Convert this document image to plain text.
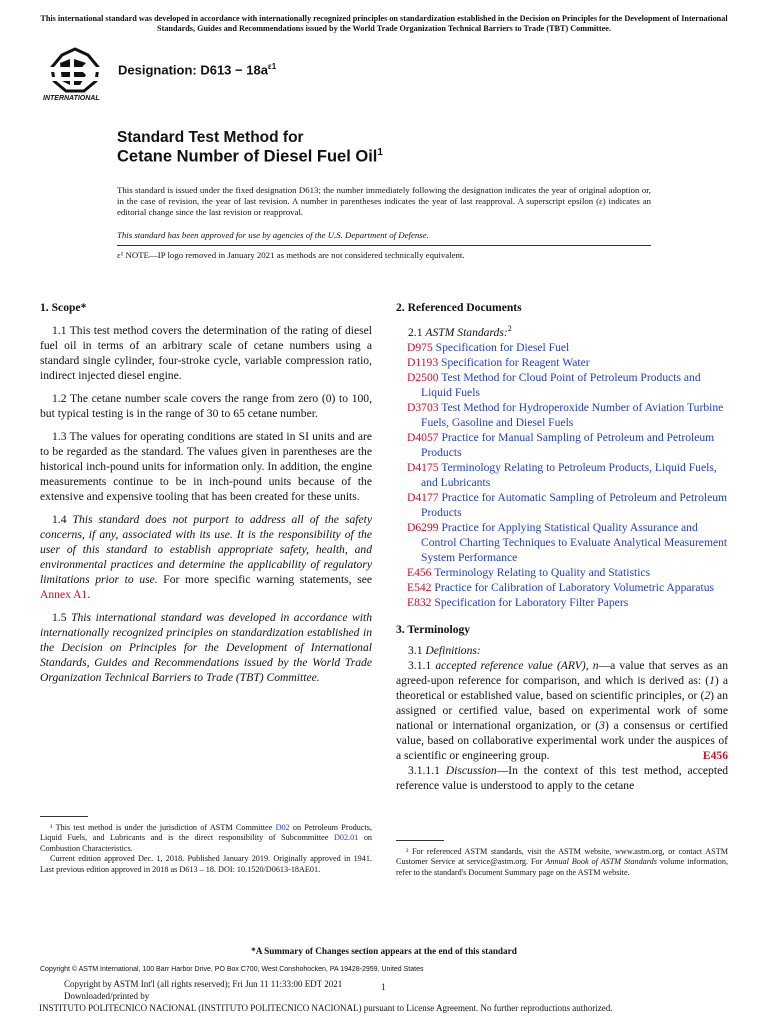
This international standard was developed in accordance with internationally recognized principles on standardization established in the Decision on Principles for the Development of International Standards, Guides and Recommendations issued by the World Trade Organization Technical Barriers to Trade (TBT) Committee.
INTERNATIONAL
Designation: $D613 - 18a^{\varepsilon 1}$
Standard Test Method for
Cetane Number of Diesel Fuel Oil$^1$
This standard is issued under the fixed designation D613; the number immediately following the designation indicates the year of original adoption or, in the case of revision, the year of last revision. A number in parentheses indicates the year of last reapproval. A superscript epsilon (ε) indicates an editorial change since the last revision or reapproval.
This standard has been approved for use by agencies of the U.S. Department of Defense.
ε¹ NOTE—IP logo removed in January 2021 as methods are not considered technically equivalent.
1. Scope*

1.1 This test method covers the determination of the rating of diesel fuel oil in terms of an arbitrary scale of cetane numbers using a standard single cylinder, four-stroke cycle, variable compression ratio, indirect injected diesel engine.

1.2 The cetane number scale covers the range from zero (0) to 100, but typical testing is in the range of 30 to 65 cetane number.

1.3 The values for operating conditions are stated in SI units and are to be regarded as the standard. The values given in parentheses are the historical inch-pound units for information only. In addition, the engine measurements continue to be in inch-pound units because of the extensive and expensive tooling that has been created for these units.

1.4 This standard does not purport to address all of the safety concerns, if any, associated with its use. It is the responsibility of the user of this standard to establish appropriate safety, health, and environmental practices and determine the applicability of regulatory limitations prior to use. For more specific warning statements, see Annex A1.

1.5 This international standard was developed in accordance with internationally recognized principles on standardization established in the Decision on Principles for the Development of International Standards, Guides and Recommendations issued by the World Trade Organization Technical Barriers to Trade (TBT) Committee.

¹ This test method is under the jurisdiction of ASTM Committee D02 on Petroleum Products, Liquid Fuels, and Lubricants and is the direct responsibility of Subcommittee D02.01 on Combustion Characteristics.
Current edition approved Dec. 1, 2018. Published January 2019. Originally approved in 1941. Last previous edition approved in 2018 as D613 – 18. DOI: 10.1520/D0613-18AE01.
2. Referenced Documents
2.1 ASTM Standards:$^2$

D975 Specification for Diesel Fuel

D1193 Specification for Reagent Water

D2500 Test Method for Cloud Point of Petroleum Products and Liquid Fuels

D3703 Test Method for Hydroperoxide Number of Aviation Turbine Fuels, Gasoline and Diesel Fuels

D4057 Practice for Manual Sampling of Petroleum and Petroleum Products

D4175 Terminology Relating to Petroleum Products, Liquid Fuels, and Lubricants

D4177 Practice for Automatic Sampling of Petroleum and Petroleum Products

D6299 Practice for Applying Statistical Quality Assurance and Control Charting Techniques to Evaluate Analytical Measurement System Performance

E456 Terminology Relating to Quality and Statistics

E542 Practice for Calibration of Laboratory Volumetric Apparatus

E832 Specification for Laboratory Filter Papers

3. Terminology
3.1 Definitions:

3.1.1 accepted reference value (ARV), n—a value that serves as an agreed-upon reference for comparison, and which is derived as: (1) a theoretical or established value, based on scientific principles, or (2) an assigned or certified value, based on experimental work of some national or international organization, or (3) a consensus or certified value, based on collaborative experimental work under the auspices of a scientific or engineering group.	E456

3.1.1.1 Discussion—In the context of this test method, accepted reference value is understood to apply to the cetane

² For referenced ASTM standards, visit the ASTM website, www.astm.org, or contact ASTM Customer Service at service@astm.org. For Annual Book of ASTM Standards volume information, refer to the standard's Document Summary page on the ASTM website.
*A Summary of Changes section appears at the end of this standard
Copyright © ASTM International, 100 Barr Harbor Drive, PO Box C700, West Conshohocken, PA 19428-2959. United States
Copyright by ASTM Int'l (all rights reserved); Fri Jun 11 11:33:00 EDT 2021
Downloaded/printed by
INSTITUTO POLITECNICO NACIONAL (INSTITUTO POLITECNICO NACIONAL) pursuant to License Agreement. No further reproductions authorized.
1
